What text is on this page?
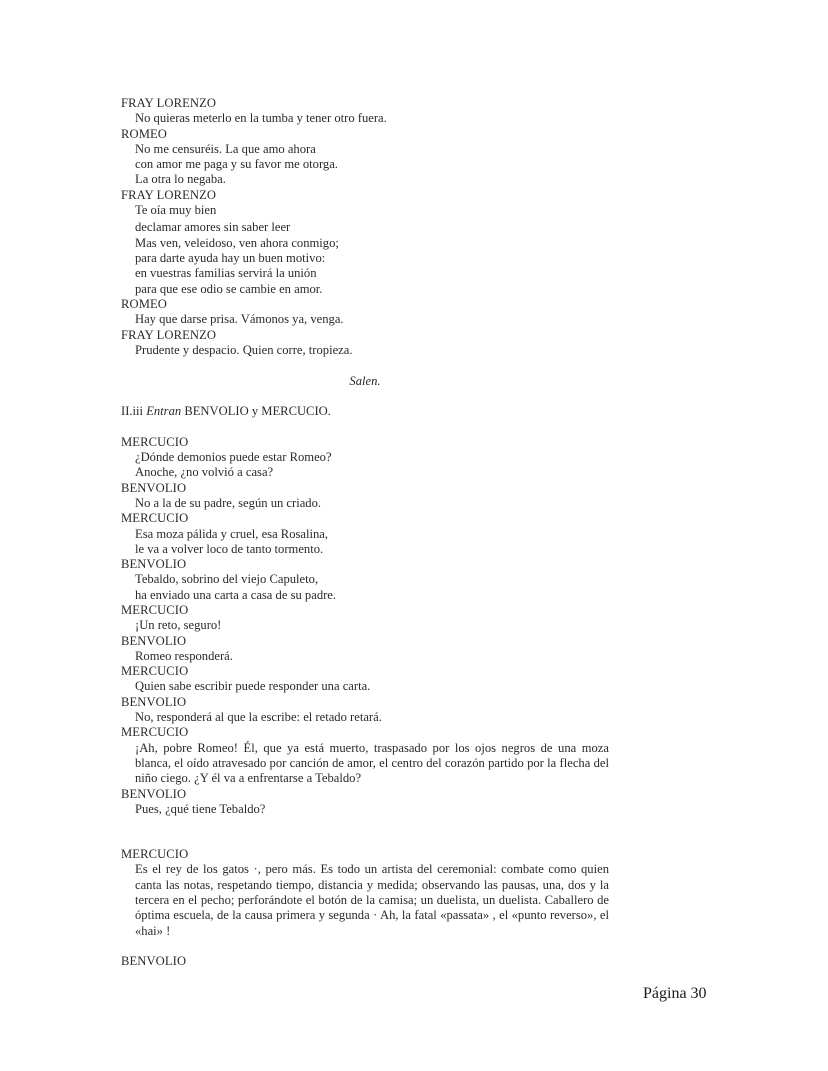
FRAY LORENZO

No quieras meterlo en la tumba y tener otro fuera.

ROMEO

No me censuréis. La que amo ahora

con amor me paga y su favor me otorga.

La otra lo negaba.

FRAY LORENZO

Te oía muy bien

declamar amores sin saber leer ·

Mas ven, veleidoso, ven ahora conmigo;

para darte ayuda hay un buen motivo:

en vuestras familias servirá la unión

para que ese odio se cambie en amor.

ROMEO

Hay que darse prisa. Vámonos ya, venga.

FRAY LORENZO

Prudente y despacio. Quien corre, tropieza.

Salen.

II.iii Entran BENVOLIO y MERCUCIO.

MERCUCIO

¿Dónde demonios puede estar Romeo?

Anoche, ¿no volvió a casa?

BENVOLIO

No a la de su padre, según un criado.

MERCUCIO

Esa moza pálida y cruel, esa Rosalina,

le va a volver loco de tanto tormento.

BENVOLIO

Tebaldo, sobrino del viejo Capuleto,

ha enviado una carta a casa de su padre.

MERCUCIO

¡Un reto, seguro!

BENVOLIO

Romeo responderá.

MERCUCIO

Quien sabe escribir puede responder una carta.

BENVOLIO

No, responderá al que la escribe: el retado retará.

MERCUCIO

¡Ah, pobre Romeo! Él, que ya está muerto, traspasado por los ojos negros de una moza blanca, el oído atravesado por canción de amor, el centro del corazón partido por la flecha del niño ciego. ¿Y él va a enfrentarse a Tebaldo?

BENVOLIO

Pues, ¿qué tiene Tebaldo?

MERCUCIO

Es el rey de los gatos ·, pero más. Es todo un artista del ceremonial: combate como quien canta las notas, respetando tiempo, distancia y medida; observando las pausas, una, dos y la tercera en el pecho; perforándote el botón de la camisa; un duelista, un duelista. Caballero de óptima escuela, de la causa primera y segunda · Ah, la fatal «passata» , el «punto reverso», el «hai» !

BENVOLIO

Página 30
